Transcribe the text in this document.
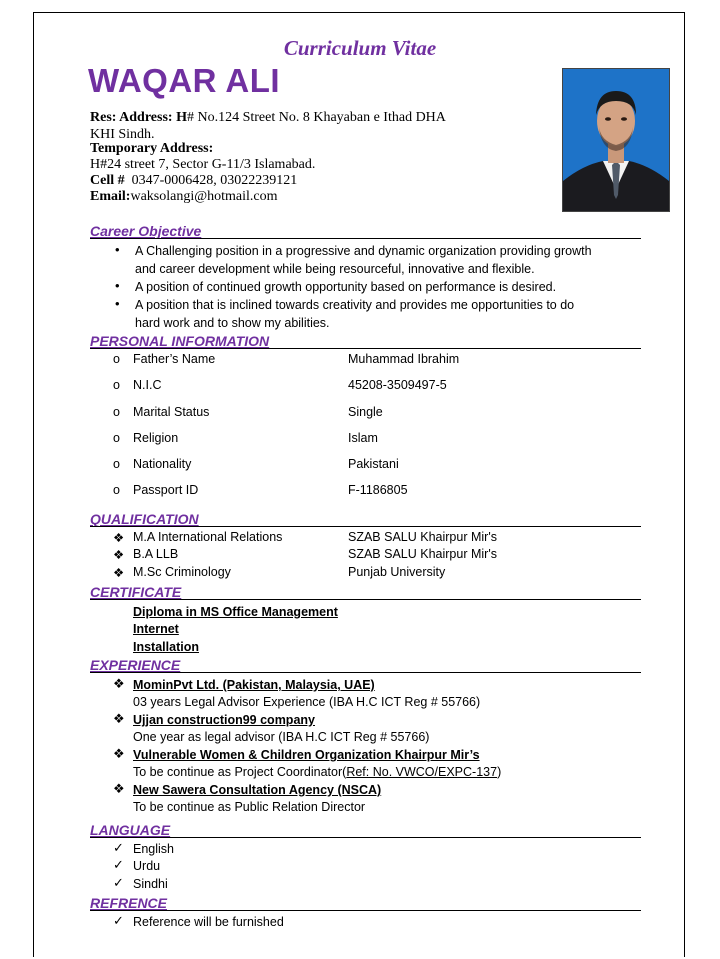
Curriculum Vitae
WAQAR ALI
Res: Address: H# No.124 Street No. 8 Khayaban e Ithad DHA
KHI Sindh.
Temporary Address:
H#24 street 7, Sector G-11/3 Islamabad.
Cell # 0347-0006428, 03022239121
Email:waksolangi@hotmail.com
Career Objective
• A Challenging position in a progressive and dynamic organization providing growth
and career development while being resourceful, innovative and flexible.
• A position of continued growth opportunity based on performance is desired.
• A position that is inclined towards creativity and provides me opportunities to do
hard work and to show my abilities.
PERSONAL INFORMATION
o Father’s Name	Muhammad Ibrahim
o N.I.C	45208-3509497-5
o Marital Status	Single
o Religion	Islam
o Nationality	Pakistani
o Passport ID	F-1186805
QUALIFICATION
❖ M.A International Relations	SZAB SALU Khairpur Mir's
❖ B.A LLB	SZAB SALU Khairpur Mir's
❖ M.Sc Criminology	Punjab University
CERTIFICATE
Diploma in MS Office Management
Internet
Installation
EXPERIENCE
❖ MominPvt Ltd. (Pakistan, Malaysia, UAE)
03 years Legal Advisor Experience (IBA H.C ICT Reg # 55766)
❖ Ujjan construction99 company
One year as legal advisor (IBA H.C ICT Reg # 55766)
❖ Vulnerable Women & Children Organization Khairpur Mir’s
To be continue as Project Coordinator(Ref: No. VWCO/EXPC-137)
❖ New Sawera Consultation Agency (NSCA)
To be continue as Public Relation Director
LANGUAGE
✓ English
✓ Urdu
✓ Sindhi
REFRENCE
✓ Reference will be furnished
